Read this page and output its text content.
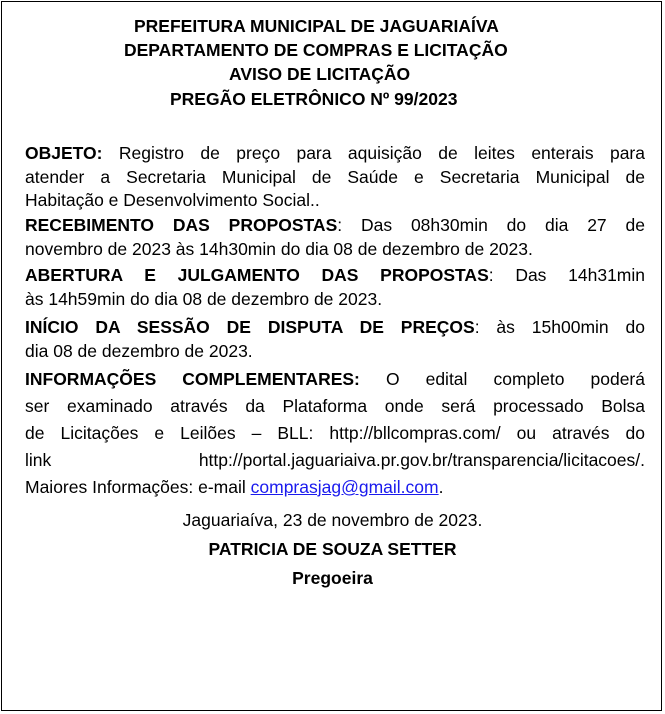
PREFEITURA MUNICIPAL DE JAGUARIAÍVA
DEPARTAMENTO DE COMPRAS E LICITAÇÃO
AVISO DE LICITAÇÃO
PREGÃO ELETRÔNICO Nº 99/2023
OBJETO: Registro de preço para aquisição de leites enterais para
atender a Secretaria Municipal de Saúde e Secretaria Municipal de
Habitação e Desenvolvimento Social..
RECEBIMENTO DAS PROPOSTAS: Das 08h30min do dia 27 de
novembro de 2023 às 14h30min do dia 08 de dezembro de 2023.
ABERTURA E JULGAMENTO DAS PROPOSTAS: Das 14h31min
às 14h59min do dia 08 de dezembro de 2023.
INÍCIO DA SESSÃO DE DISPUTA DE PREÇOS: às 15h00min do
dia 08 de dezembro de 2023.
INFORMAÇÕES COMPLEMENTARES: O edital completo poderá
ser examinado através da Plataforma onde será processado Bolsa
de Licitações e Leilões – BLL: http://bllcompras.com/ ou através do
link	http://portal.jaguariaiva.pr.gov.br/transparencia/licitacoes/.
Maiores Informações: e-mail comprasjag@gmail.com.
Jaguariaíva, 23 de novembro de 2023.
PATRICIA DE SOUZA SETTER
Pregoeira
